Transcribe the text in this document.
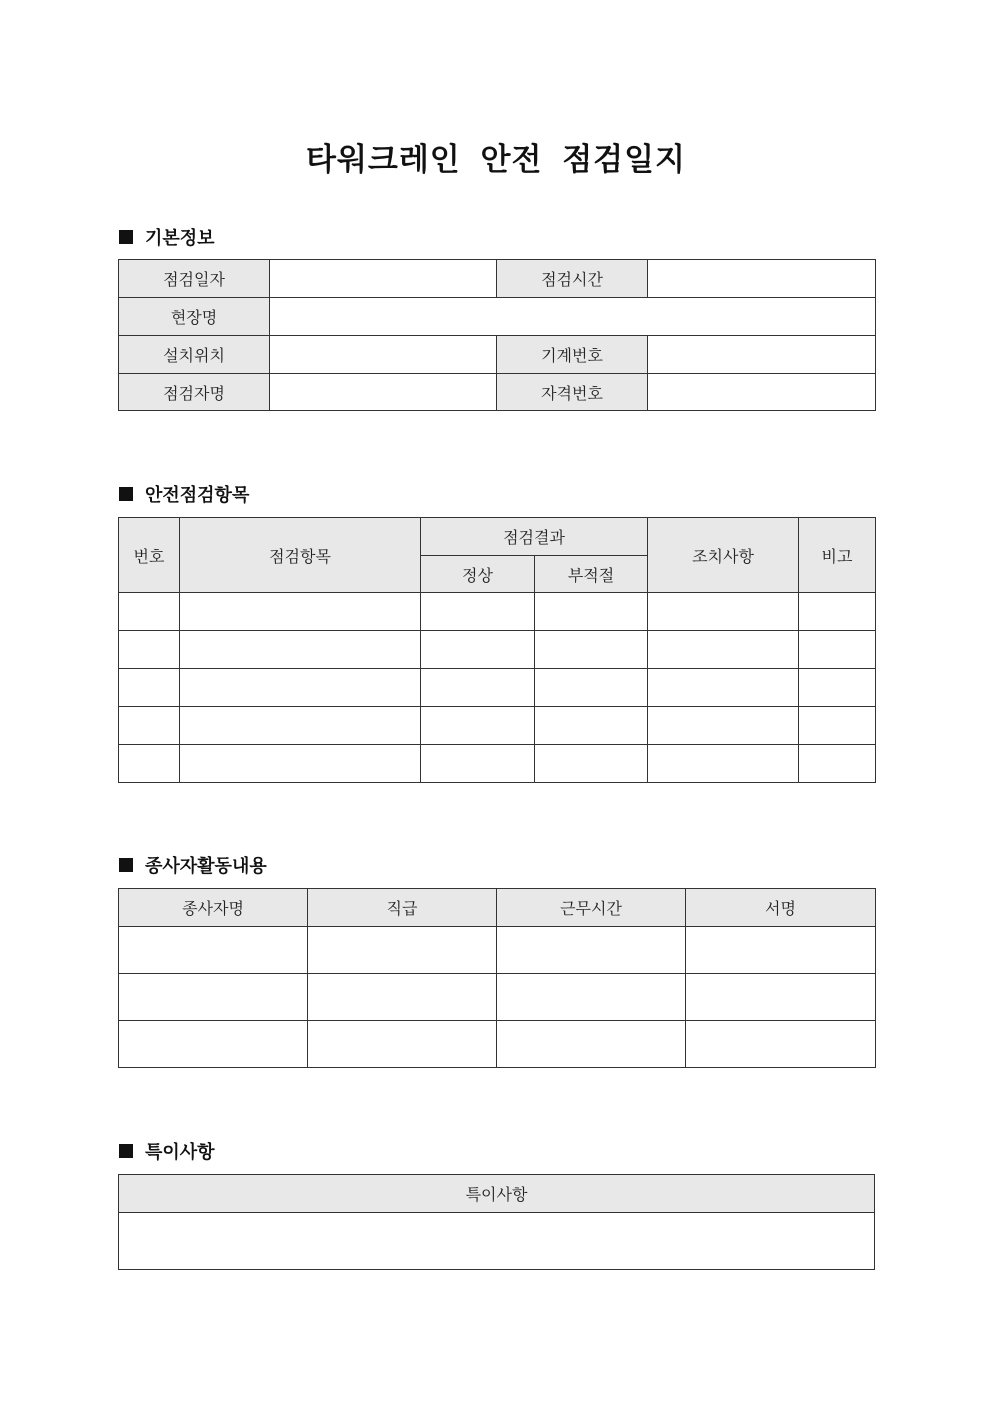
타워크레인 안전 점검일지
기본정보
점검일자		점검시간	
현장명			
설치위치		기계번호	
점검자명		자격번호	
안전점검항목
번호	점검항목	점검결과		조치사항	비고
		정상	부적절		

종사자활동내용
종사자명	직급	근무시간	서명

특이사항
특이사항
